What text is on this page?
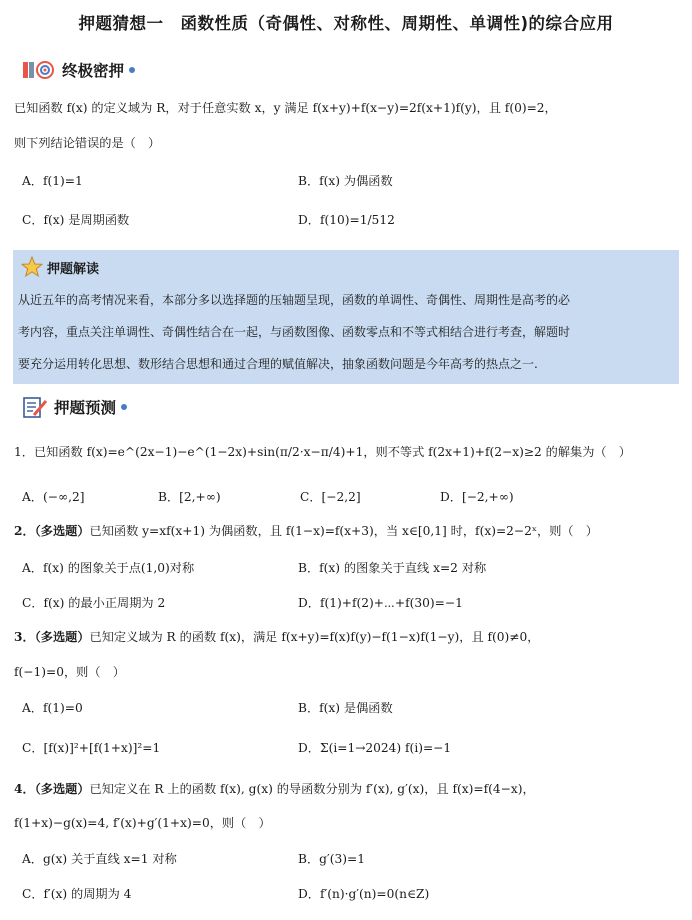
押题猜想一　函数性质（奇偶性、对称性、周期性、单调性)的综合应用
终极密押
已知函数 f(x) 的定义域为 R，对于任意实数 x，y 满足 f(x+y)+f(x−y)=2f(x+1)f(y)，且 f(0)=2，
则下列结论错误的是（　）
A．f(1)=1	B．f(x) 为偶函数
C．f(x) 是周期函数	D．f(10)=1/512
押题解读
从近五年的高考情况来看，本部分多以选择题的压轴题呈现，函数的单调性、奇偶性、周期性是高考的必
考内容，重点关注单调性、奇偶性结合在一起，与函数图像、函数零点和不等式相结合进行考查，解题时
要充分运用转化思想、数形结合思想和通过合理的赋值解决，抽象函数问题是今年高考的热点之一.
押题预测
1．已知函数 f(x)=e^(2x−1)−e^(1−2x)+sin(π/2·x−π/4)+1，则不等式 f(2x+1)+f(2−x)≥2 的解集为（　）
A．(−∞,2]	B．[2,+∞)	C．[−2,2]	D．[−2,+∞)
2．（多选题）已知函数 y=xf(x+1) 为偶函数，且 f(1−x)=f(x+3)，当 x∈[0,1] 时，f(x)=2−2ˣ，则（　）
A．f(x) 的图象关于点(1,0)对称	B．f(x) 的图象关于直线 x=2 对称
C．f(x) 的最小正周期为 2	D．f(1)+f(2)+⋯+f(30)=−1
3．（多选题）已知定义域为 R 的函数 f(x)，满足 f(x+y)=f(x)f(y)−f(1−x)f(1−y)，且 f(0)≠0，
f(−1)=0，则（　）
A．f(1)=0	B．f(x) 是偶函数
C．[f(x)]²+[f(1+x)]²=1	D．Σ(i=1→2024) f(i)=−1
4．（多选题）已知定义在 R 上的函数 f(x), g(x) 的导函数分别为 f′(x), g′(x)，且 f(x)=f(4−x)，
f(1+x)−g(x)=4, f′(x)+g′(1+x)=0，则（　）
A．g(x) 关于直线 x=1 对称	B．g′(3)=1
C．f′(x) 的周期为 4	D．f′(n)·g′(n)=0(n∈Z)
